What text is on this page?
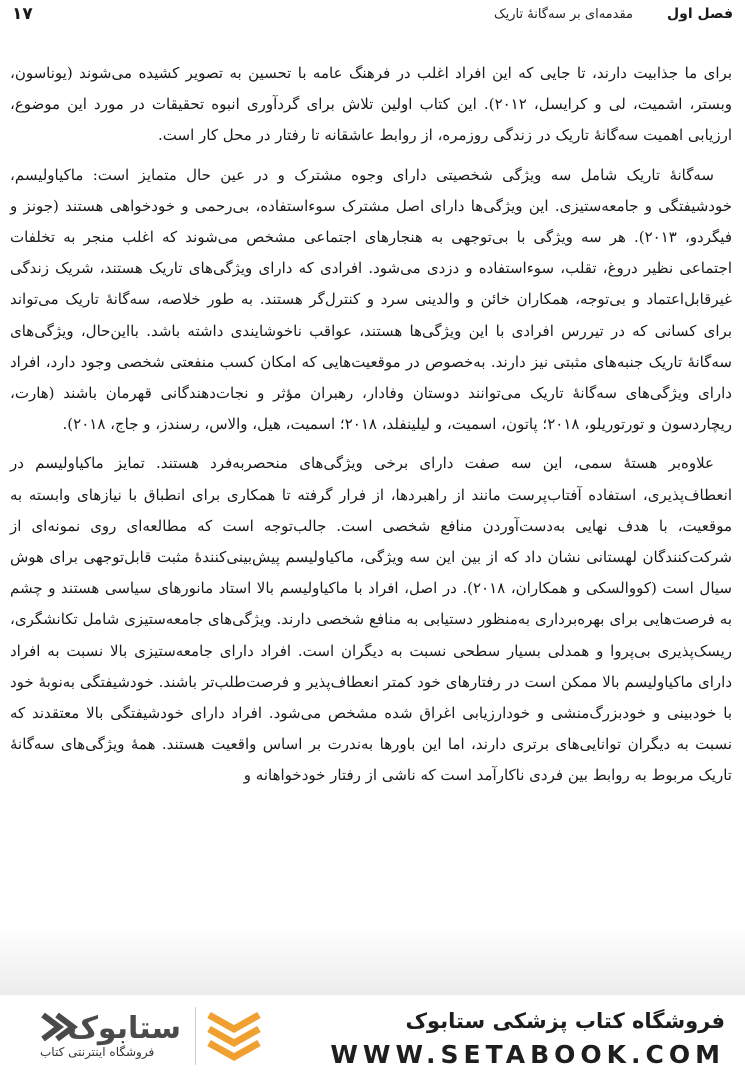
فصل اول
مقدمه‌ای بر سه‌گانهٔ تاریک
۱۷

برای ما جذابیت دارند، تا جایی که این افراد اغلب در فرهنگ عامه با تحسین به تصویر کشیده می‌شوند (یوناسون، وبستر، اشمیت، لی و کرایسل، ۲۰۱۲). این کتاب اولین تلاش برای گردآوری انبوه تحقیقات در مورد این موضوع، ارزیابی اهمیت سه‌گانهٔ تاریک در زندگی روزمره، از روابط عاشقانه تا رفتار در محل کار است.

سه‌گانهٔ تاریک شامل سه ویژگی شخصیتی دارای وجوه مشترک و در عین حال متمایز است: ماکیاولیسم، خودشیفتگی و جامعه‌ستیزی. این ویژگی‌ها دارای اصل مشترک سوءاستفاده، بی‌رحمی و خودخواهی هستند (جونز و فیگردو، ۲۰۱۳). هر سه ویژگی با بی‌توجهی به هنجارهای اجتماعی مشخص می‌شوند که اغلب منجر به تخلفات اجتماعی نظیر دروغ، تقلب، سوءاستفاده و دزدی می‌شود. افرادی که دارای ویژگی‌های تاریک هستند، شریک زندگی غیرقابل‌اعتماد و بی‌توجه، همکاران خائن و والدینی سرد و کنترل‌گر هستند. به طور خلاصه، سه‌گانهٔ تاریک می‌تواند برای کسانی که در تیررس افرادی با این ویژگی‌ها هستند، عواقب ناخوشایندی داشته باشد. بااین‌حال، ویژگی‌های سه‌گانهٔ تاریک جنبه‌های مثبتی نیز دارند. به‌خصوص در موقعیت‌هایی که امکان کسب منفعتی شخصی وجود دارد، افراد دارای ویژگی‌های سه‌گانهٔ تاریک می‌توانند دوستان وفادار، رهبران مؤثر و نجات‌دهندگانی قهرمان باشند (هارت، ریچاردسون و تورتوریلو، ۲۰۱۸؛ پاتون، اسمیت، و لیلینفلد، ۲۰۱۸؛ اسمیت، هیل، والاس، رسندز، و جاج، ۲۰۱۸).

علاوه‌بر هستهٔ سمی، این سه صفت دارای برخی ویژگی‌های منحصربه‌فرد هستند. تمایز ماکیاولیسم در انعطاف‌پذیری، استفاده آفتاب‌پرست مانند از راهبردها، از فرار گرفته تا همکاری برای انطباق با نیازهای وابسته به موقعیت، با هدف نهایی به‌دست‌آوردن منافع شخصی است. جالب‌توجه است که مطالعه‌ای روی نمونه‌ای از شرکت‌کنندگان لهستانی نشان داد که از بین این سه ویژگی، ماکیاولیسم پیش‌بینی‌کنندهٔ مثبت قابل‌توجهی برای هوش سیال است (کووالسکی و همکاران، ۲۰۱۸). در اصل، افراد با ماکیاولیسم بالا استاد مانورهای سیاسی هستند و چشم به فرصت‌هایی برای بهره‌برداری به‌منظور دستیابی به منافع شخصی دارند. ویژگی‌های جامعه‌ستیزی شامل تکانشگری، ریسک‌پذیری بی‌پروا و همدلی بسیار سطحی نسبت به دیگران است. افراد دارای جامعه‌ستیزی بالا نسبت به افراد دارای ماکیاولیسم بالا ممکن است در رفتارهای خود کمتر انعطاف‌پذیر و فرصت‌طلب‌تر باشند. خودشیفتگی به‌نوبهٔ خود با خودبینی و خودبزرگ‌منشی و خودارزیابی اغراق شده مشخص می‌شود. افراد دارای خودشیفتگی بالا معتقدند که نسبت به دیگران توانایی‌های برتری دارند، اما این باورها به‌ندرت بر اساس واقعیت هستند. همهٔ ویژگی‌های سه‌گانهٔ تاریک مربوط به روابط بین فردی ناکارآمد است که ناشی از رفتار خودخواهانه و

ستابوک
فروشگاه اینترنتی کتاب
فروشگاه کتاب پزشکی ستابوک
WWW.SETABOOK.COM
